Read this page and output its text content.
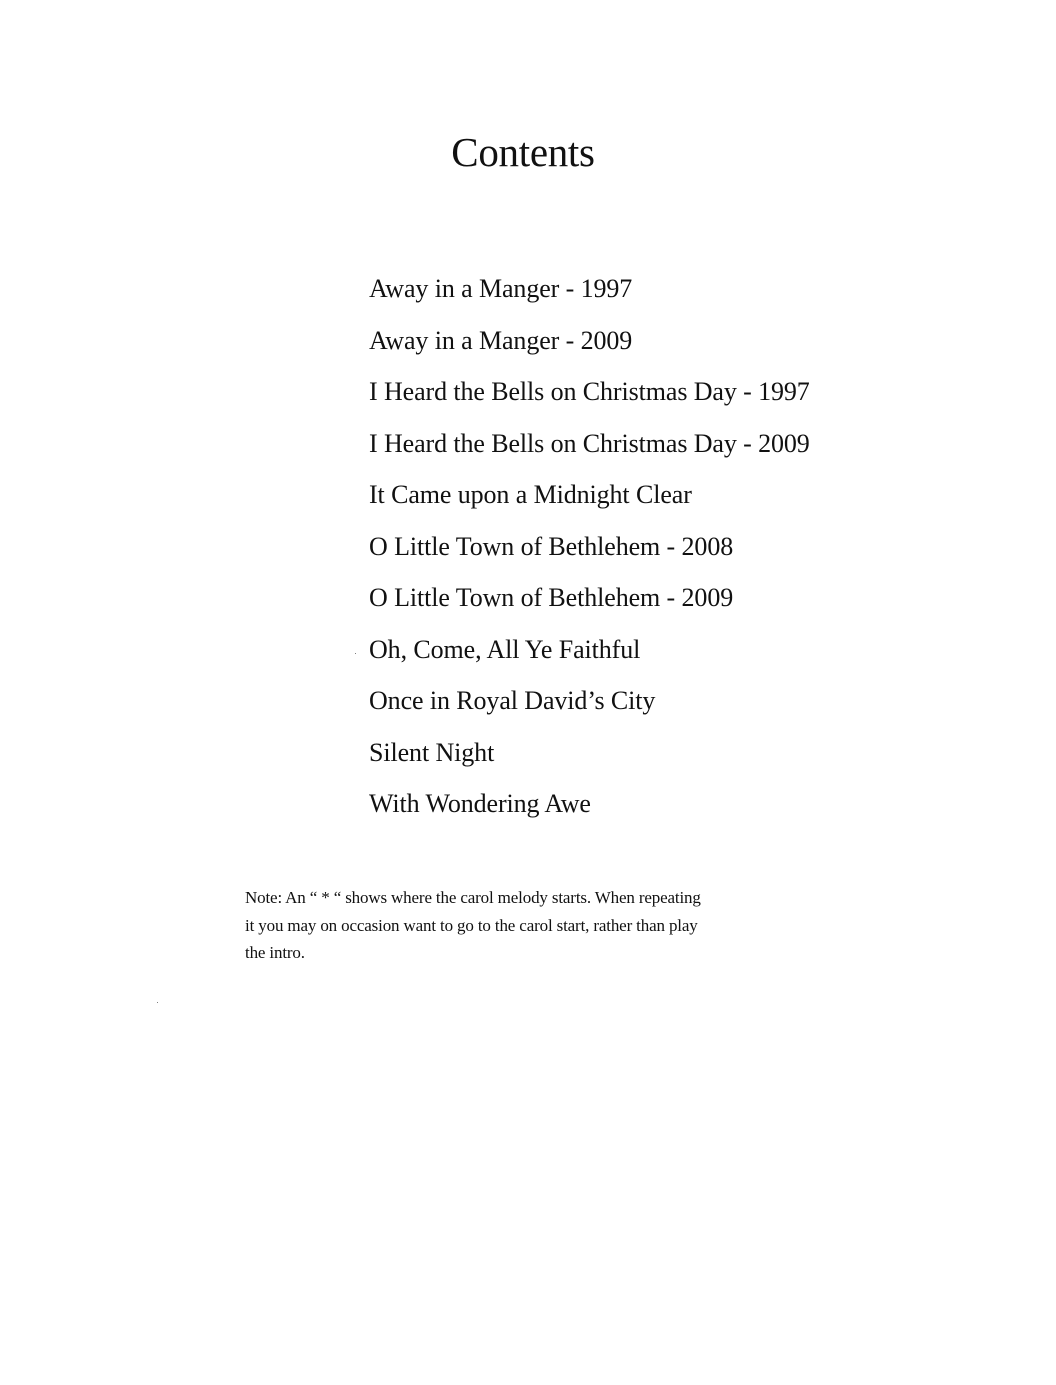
Contents
Away in a Manger - 1997
Away in a Manger - 2009
I Heard the Bells on Christmas Day - 1997
I Heard the Bells on Christmas Day - 2009
It Came upon a Midnight Clear
O Little Town of Bethlehem - 2008
O Little Town of Bethlehem - 2009
Oh, Come, All Ye Faithful
Once in Royal David’s City
Silent Night
With Wondering Awe

Note: An “ * “ shows where the carol melody starts. When repeating
it you may on occasion want to go to the carol start, rather than play
the intro.
